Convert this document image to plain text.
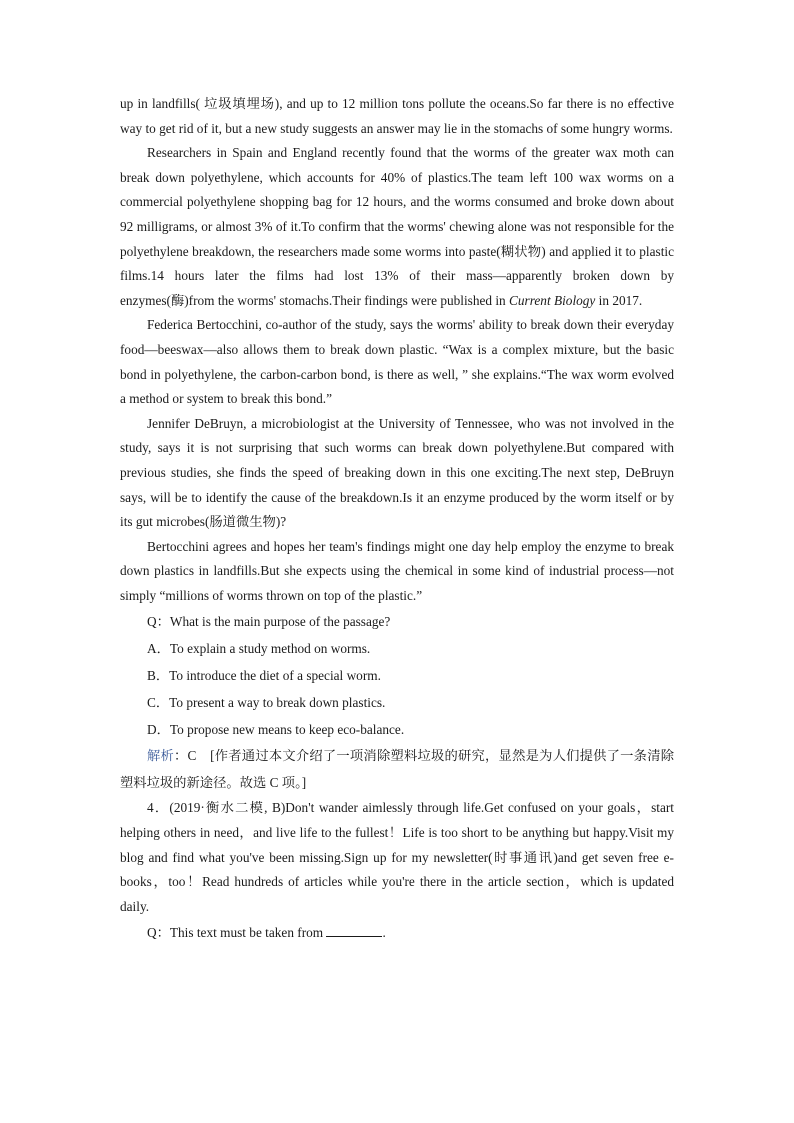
up in landfills( 垃圾填埋场), and up to 12 million tons pollute the oceans.So far there is no effective way to get rid of it, but a new study suggests an answer may lie in the stomachs of some hungry worms.

Researchers in Spain and England recently found that the worms of the greater wax moth can break down polyethylene, which accounts for 40% of plastics.The team left 100 wax worms on a commercial polyethylene shopping bag for 12 hours, and the worms consumed and broke down about 92 milligrams, or almost 3% of it.To confirm that the worms' chewing alone was not responsible for the polyethylene breakdown, the researchers made some worms into paste(糊状物) and applied it to plastic films.14 hours later the films had lost 13% of their mass—apparently broken down by enzymes(酶)from the worms' stomachs.Their findings were published in Current Biology in 2017.

Federica Bertocchini, co-author of the study, says the worms' ability to break down their everyday food—beeswax—also allows them to break down plastic. “Wax is a complex mixture, but the basic bond in polyethylene, the carbon-carbon bond, is there as well, ” she explains.“The wax worm evolved a method or system to break this bond.”

Jennifer DeBruyn, a microbiologist at the University of Tennessee, who was not involved in the study, says it is not surprising that such worms can break down polyethylene.But compared with previous studies, she finds the speed of breaking down in this one exciting.The next step, DeBruyn says, will be to identify the cause of the breakdown.Is it an enzyme produced by the worm itself or by its gut microbes(肠道微生物)?

Bertocchini agrees and hopes her team's findings might one day help employ the enzyme to break down plastics in landfills.But she expects using the chemical in some kind of industrial process—not simply “millions of worms thrown on top of the plastic.”

Q：What is the main purpose of the passage?
A．To explain a study method on worms.
B．To introduce the diet of a special worm.
C．To present a way to break down plastics.
D．To propose new means to keep eco-balance.

解析：C　[作者通过本文介绍了一项消除塑料垃圾的研究，显然是为人们提供了一条清除塑料垃圾的新途径。故选 C 项。]

4．(2019·衡水二模, B)Don't wander aimlessly through life.Get confused on your goals，start helping others in need，and live life to the fullest！Life is too short to be anything but happy.Visit my blog and find what you've been missing.Sign up for my newsletter(时事通讯)and get seven free e-books，too！Read hundreds of articles while you're there in the article section，which is updated daily.

Q：This text must be taken from	.
